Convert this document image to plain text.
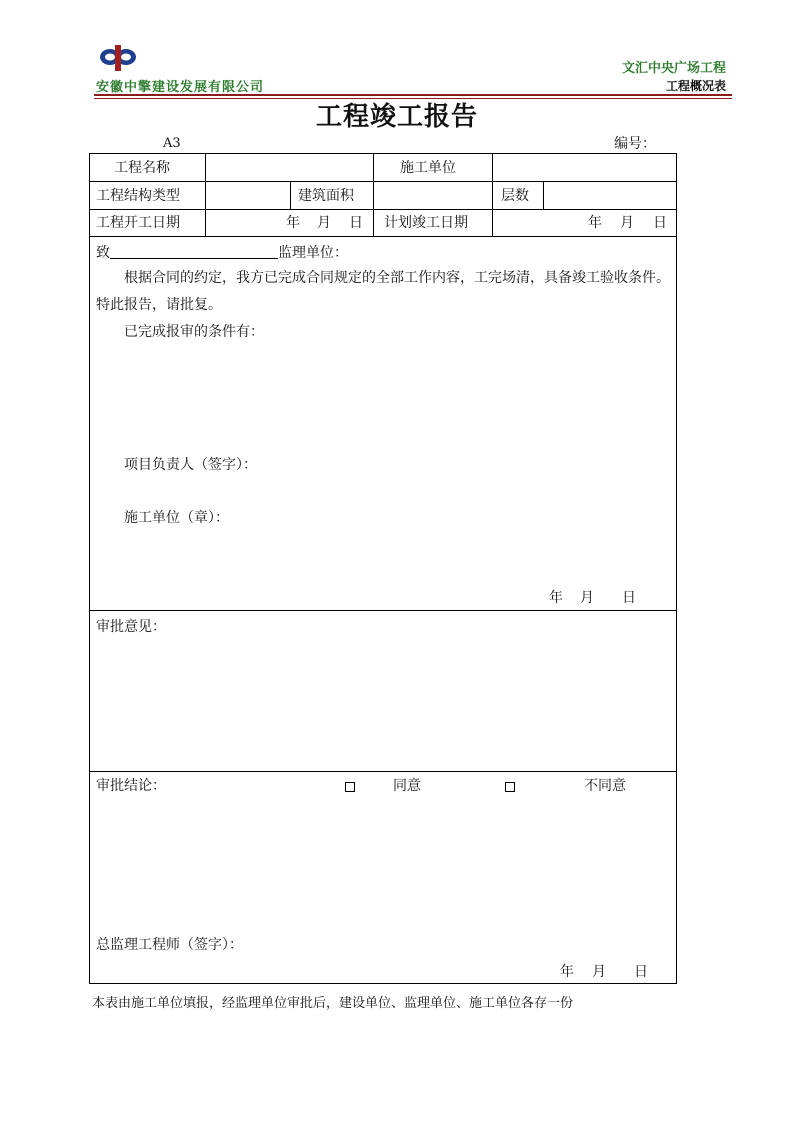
安徽中擎建设发展有限公司
文汇中央广场工程
工程概况表
工程竣工报告
A3	编号：
工程名称	施工单位
工程结构类型	建筑面积	层数
工程开工日期	年 月 日 计划竣工日期	年 月 日
致	监理单位：
根据合同的约定，我方已完成合同规定的全部工作内容，工完场清，具备竣工验收条件。特此报告，请批复。
已完成报审的条件有：
项目负责人（签字）：
施工单位（章）：
年 月 日
审批意见：
审批结论：	同意	不同意
总监理工程师（签字）：
年 月 日
本表由施工单位填报，经监理单位审批后，建设单位、监理单位、施工单位各存一份
